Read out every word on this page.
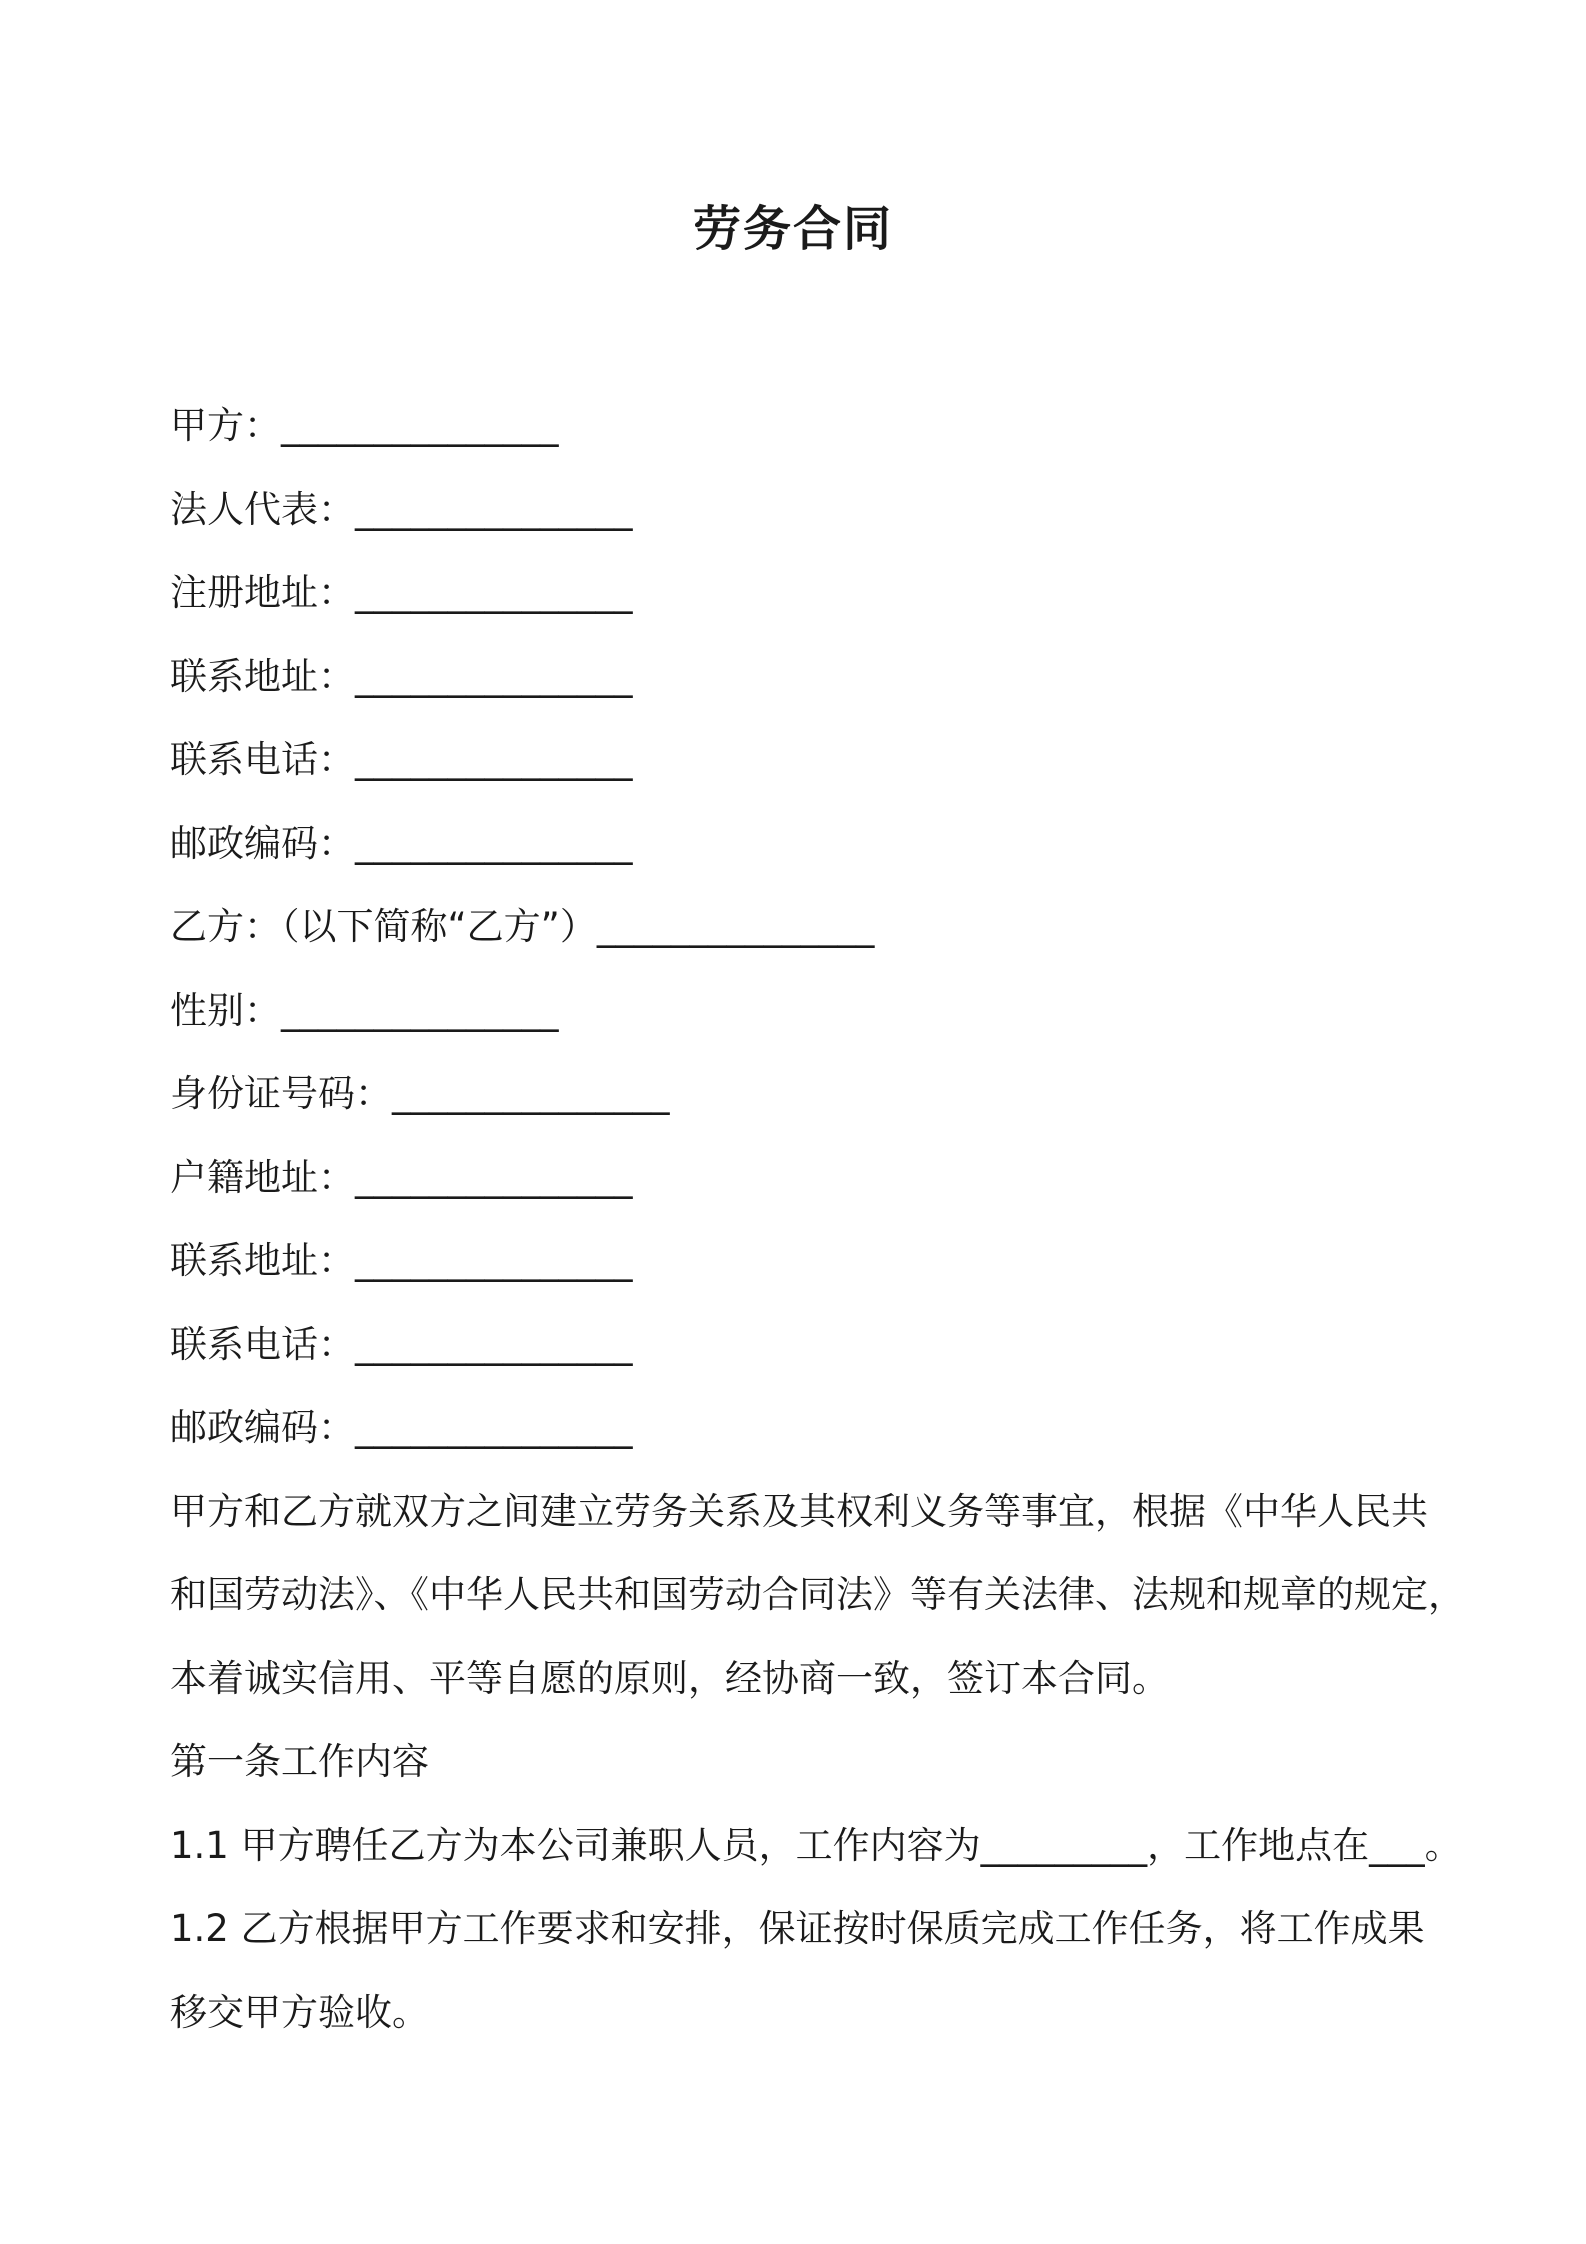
劳务合同

甲方：_______________

法人代表：_______________

注册地址：_______________

联系地址：_______________

联系电话：_______________

邮政编码：_______________

乙方：（以下简称“乙方”）_______________

性别：_______________

身份证号码：_______________

户籍地址：_______________

联系地址：_______________

联系电话：_______________

邮政编码：_______________

甲方和乙方就双方之间建立劳务关系及其权利义务等事宜，根据《中华人民共
和国劳动法》、《中华人民共和国劳动合同法》等有关法律、法规和规章的规定，
本着诚实信用、平等自愿的原则，经协商一致，签订本合同。

第一条工作内容

1.1 甲方聘任乙方为本公司兼职人员，工作内容为_________，工作地点在___。

1.2 乙方根据甲方工作要求和安排，保证按时保质完成工作任务，将工作成果
移交甲方验收。
